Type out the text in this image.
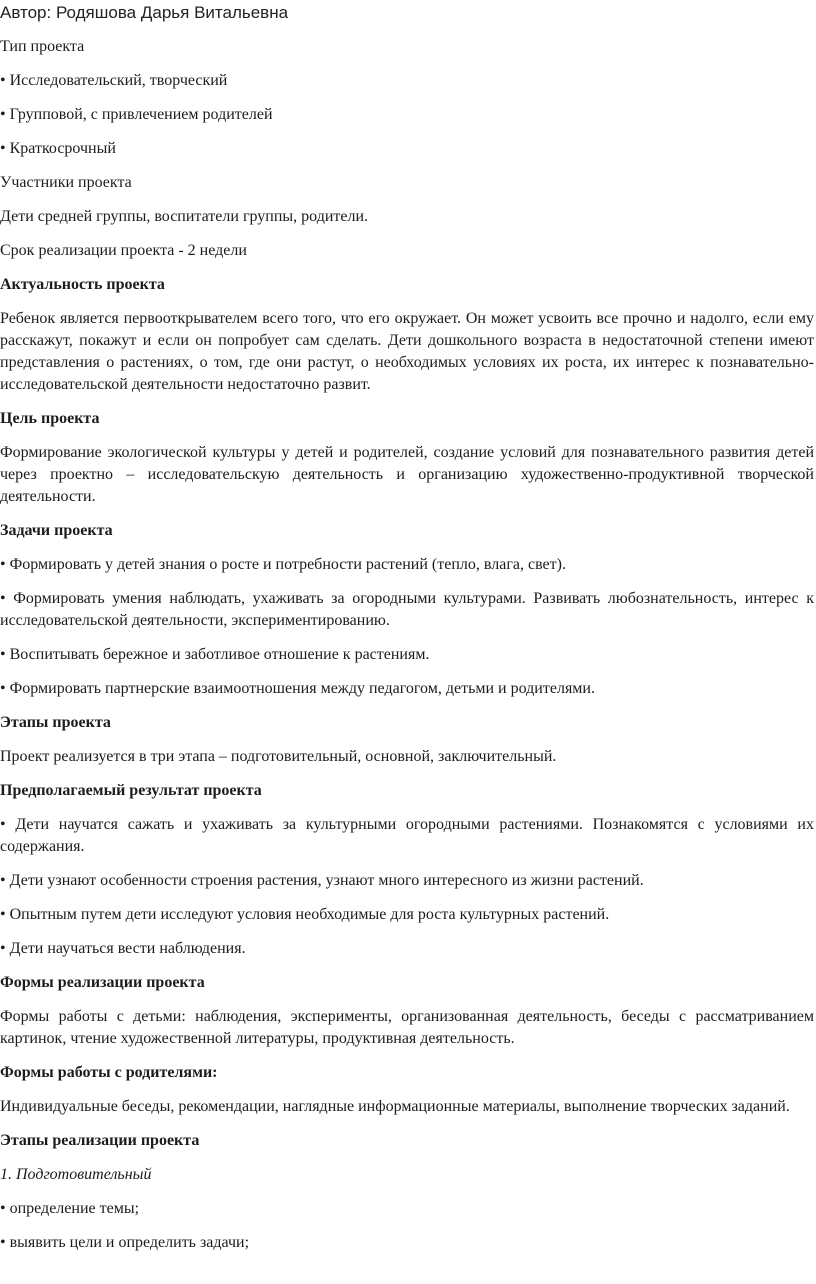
Автор: Родяшова Дарья Витальевна

Тип проекта

• Исследовательский, творческий

• Групповой, с привлечением родителей

• Краткосрочный

Участники проекта

Дети средней группы, воспитатели группы, родители.

Срок реализации проекта - 2 недели

Актуальность проекта

Ребенок является первооткрывателем всего того, что его окружает. Он может усвоить все прочно и надолго, если ему расскажут, покажут и если он попробует сам сделать. Дети дошкольного возраста в недостаточной степени имеют представления о растениях, о том, где они растут, о необходимых условиях их роста, их интерес к познавательно-исследовательской деятельности недостаточно развит.

Цель проекта

Формирование экологической культуры у детей и родителей, создание условий для познавательного развития детей через проектно – исследовательскую деятельность и организацию художественно-продуктивной творческой деятельности.

Задачи проекта

• Формировать у детей знания о росте и потребности растений (тепло, влага, свет).

• Формировать умения наблюдать, ухаживать за огородными культурами. Развивать любознательность, интерес к исследовательской деятельности, экспериментированию.

• Воспитывать бережное и заботливое отношение к растениям.

• Формировать партнерские взаимоотношения между педагогом, детьми и родителями.

Этапы проекта

Проект реализуется в три этапа – подготовительный, основной, заключительный.

Предполагаемый результат проекта

• Дети научатся сажать и ухаживать за культурными огородными растениями. Познакомятся с условиями их содержания.

• Дети узнают особенности строения растения, узнают много интересного из жизни растений.

• Опытным путем дети исследуют условия необходимые для роста культурных растений.

• Дети научаться вести наблюдения.

Формы реализации проекта

Формы работы с детьми: наблюдения, эксперименты, организованная деятельность, беседы с рассматриванием картинок, чтение художественной литературы, продуктивная деятельность.

Формы работы с родителями:

Индивидуальные беседы, рекомендации, наглядные информационные материалы, выполнение творческих заданий.

Этапы реализации проекта

1. Подготовительный

• определение темы;

• выявить цели и определить задачи;
